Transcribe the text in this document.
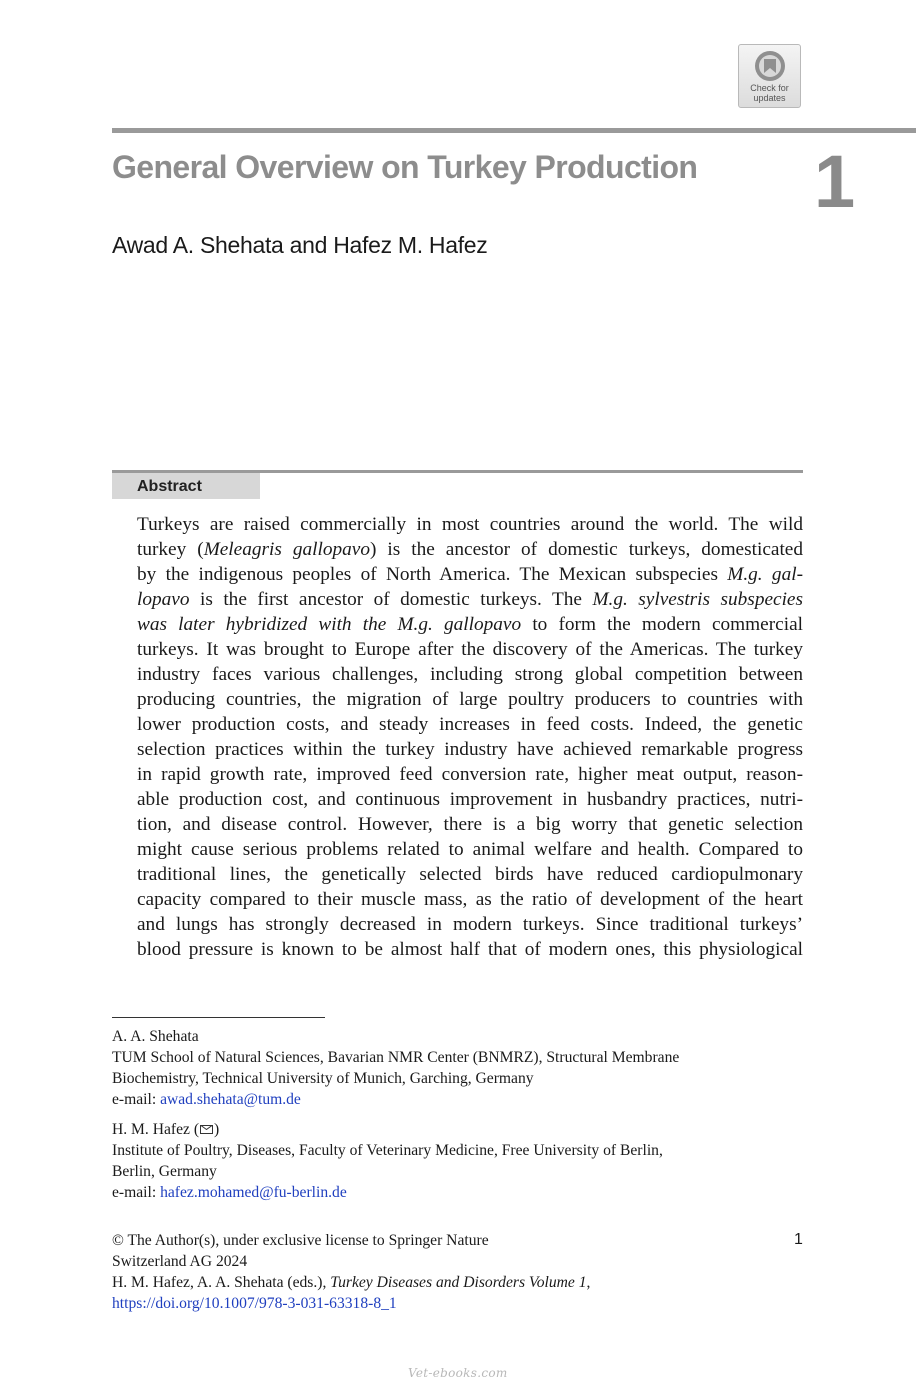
Check for
updates
General Overview on Turkey Production 1
Awad A. Shehata and Hafez M. Hafez
Abstract
Turkeys are raised commercially in most countries around the world. The wild
turkey (Meleagris gallopavo) is the ancestor of domestic turkeys, domesticated
by the indigenous peoples of North America. The Mexican subspecies M.g. gal-
lopavo is the first ancestor of domestic turkeys. The M.g. sylvestris subspecies
was later hybridized with the M.g. gallopavo to form the modern commercial
turkeys. It was brought to Europe after the discovery of the Americas. The turkey
industry faces various challenges, including strong global competition between
producing countries, the migration of large poultry producers to countries with
lower production costs, and steady increases in feed costs. Indeed, the genetic
selection practices within the turkey industry have achieved remarkable progress
in rapid growth rate, improved feed conversion rate, higher meat output, reason-
able production cost, and continuous improvement in husbandry practices, nutri-
tion, and disease control. However, there is a big worry that genetic selection
might cause serious problems related to animal welfare and health. Compared to
traditional lines, the genetically selected birds have reduced cardiopulmonary
capacity compared to their muscle mass, as the ratio of development of the heart
and lungs has strongly decreased in modern turkeys. Since traditional turkeys’
blood pressure is known to be almost half that of modern ones, this physiological
A. A. Shehata
TUM School of Natural Sciences, Bavarian NMR Center (BNMRZ), Structural Membrane
Biochemistry, Technical University of Munich, Garching, Germany
e-mail: awad.shehata@tum.de
H. M. Hafez ( )
Institute of Poultry, Diseases, Faculty of Veterinary Medicine, Free University of Berlin,
Berlin, Germany
e-mail: hafez.mohamed@fu-berlin.de
© The Author(s), under exclusive license to Springer Nature
Switzerland AG 2024
H. M. Hafez, A. A. Shehata (eds.), Turkey Diseases and Disorders Volume 1,
https://doi.org/10.1007/978-3-031-63318-8_1
1
Vet-ebooks.com
